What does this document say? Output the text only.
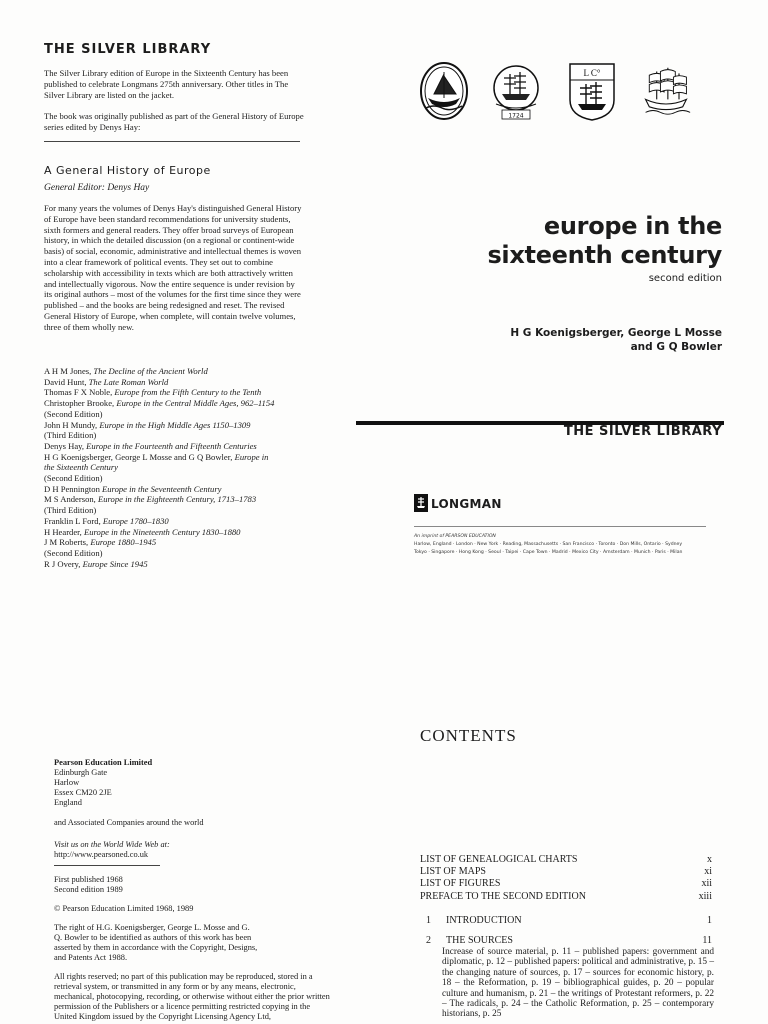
THE SILVER LIBRARY
The Silver Library edition of Europe in the Sixteenth Century has been published to celebrate Longmans 275th anniversary. Other titles in The Silver Library are listed on the jacket.
The book was originally published as part of the General History of Europe series edited by Denys Hay:
A General History of Europe
General Editor: Denys Hay
For many years the volumes of Denys Hay's distinguished General History of Europe have been standard recommendations for university students, sixth formers and general readers. They offer broad surveys of European history, in which the detailed discussion (on a regional or continent-wide basis) of social, economic, administrative and intellectual themes is woven into a clear framework of political events. They set out to combine scholarship with accessibility in texts which are both attractively written and intellectually vigorous. Now the entire sequence is under revision by its original authors – most of the volumes for the first time since they were published – and the books are being redesigned and reset. The revised General History of Europe, when complete, will contain twelve volumes, three of them wholly new.
A H M Jones, The Decline of the Ancient World
David Hunt, The Late Roman World
Thomas F X Noble, Europe from the Fifth Century to the Tenth
Christopher Brooke, Europe in the Central Middle Ages, 962–1154
(Second Edition)
John H Mundy, Europe in the High Middle Ages 1150–1309
(Third Edition)
Denys Hay, Europe in the Fourteenth and Fifteenth Centuries
H G Koenigsberger, George L Mosse and G Q Bowler, Europe in
the Sixteenth Century
(Second Edition)
D H Pennington Europe in the Seventeenth Century
M S Anderson, Europe in the Eighteenth Century, 1713–1783
(Third Edition)
Franklin L Ford, Europe 1780–1830
H Hearder, Europe in the Nineteenth Century 1830–1880
J M Roberts, Europe 1880–1945
(Second Edition)
R J Overy, Europe Since 1945
Pearson Education Limited
Edinburgh Gate
Harlow
Essex CM20 2JE
England
and Associated Companies around the world
Visit us on the World Wide Web at:
http://www.pearsoned.co.uk
First published 1968
Second edition 1989
© Pearson Education Limited 1968, 1989
The right of H.G. Koenigsberger, George L. Mosse and G. Q. Bowler to be identified as authors of this work has been asserted by them in accordance with the Copyright, Designs, and Patents Act 1988.
All rights reserved; no part of this publication may be reproduced, stored in a retrieval system, or transmitted in any form or by any means, electronic, mechanical, photocopying, recording, or otherwise without either the prior written permission of the Publishers or a licence permitting restricted copying in the United Kingdom issued by the Copyright Licensing Agency Ltd,
1724
L C°
europe in the
sixteenth century
second edition
H G Koenigsberger, George L Mosse
and G Q Bowler
THE SILVER LIBRARY
LONGMAN
An imprint of PEARSON EDUCATION
Harlow, England · London · New York · Reading, Massachusetts · San Francisco · Toronto · Don Mills, Ontario · Sydney
Tokyo · Singapore · Hong Kong · Seoul · Taipei · Cape Town · Madrid · Mexico City · Amsterdam · Munich · Paris · Milan
CONTENTS
LIST OF GENEALOGICAL CHARTS	x
LIST OF MAPS	xi
LIST OF FIGURES	xii
PREFACE TO THE SECOND EDITION	xiii
1	INTRODUCTION	1
2	THE SOURCES	11
Increase of source material, p. 11 – published papers: government and diplomatic, p. 12 – published papers: political and administrative, p. 15 – the changing nature of sources, p. 17 – sources for economic history, p. 18 – the Reformation, p. 19 – bibliographical guides, p. 20 – popular culture and humanism, p. 21 – the writings of Protestant reformers, p. 22 – The radicals, p. 24 – the Catholic Reformation, p. 25 – contemporary historians, p. 25
